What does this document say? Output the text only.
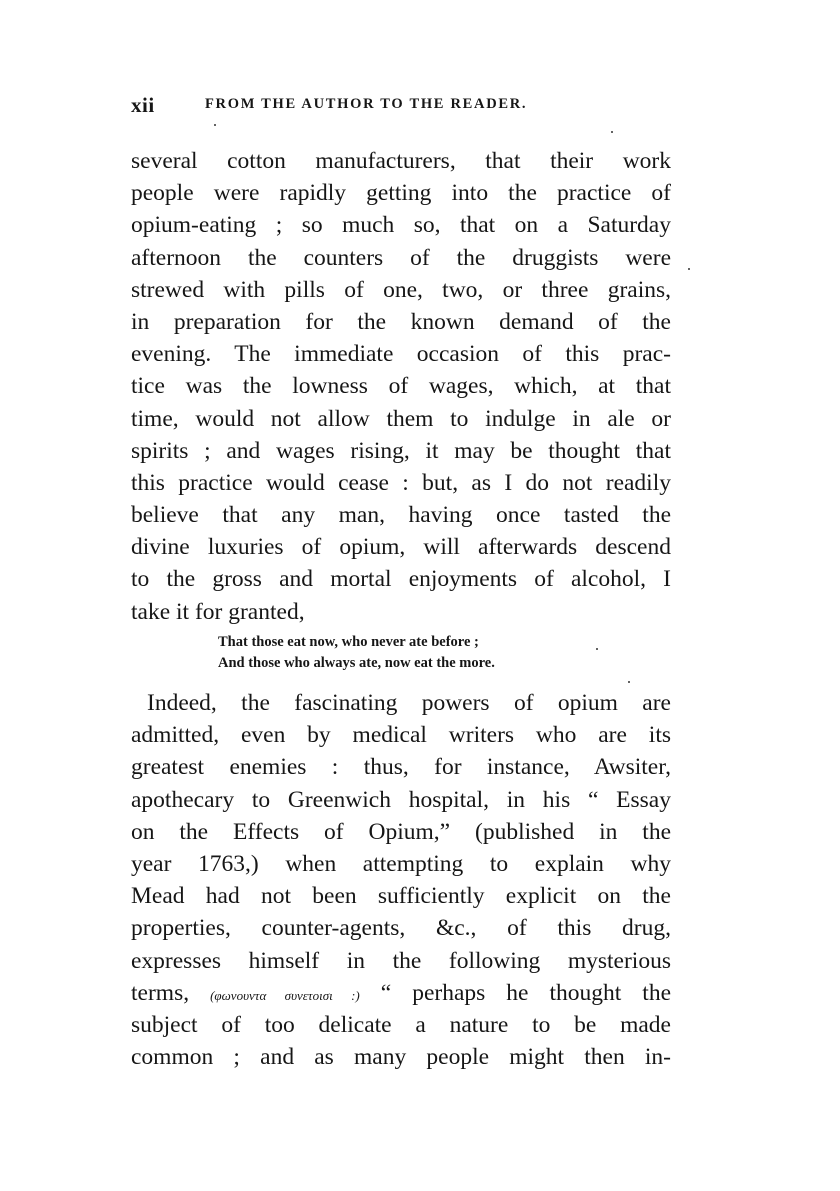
xii	FROM THE AUTHOR TO THE READER.
several cotton manufacturers, that their work
people were rapidly getting into the practice of
opium-eating ; so much so, that on a Saturday
afternoon the counters of the druggists were
strewed with pills of one, two, or three grains,
in preparation for the known demand of the
evening. The immediate occasion of this prac-
tice was the lowness of wages, which, at that
time, would not allow them to indulge in ale or
spirits ; and wages rising, it may be thought that
this practice would cease : but, as I do not readily
believe that any man, having once tasted the
divine luxuries of opium, will afterwards descend
to the gross and mortal enjoyments of alcohol, I
take it for granted,
That those eat now, who never ate before ;
And those who always ate, now eat the more.
Indeed, the fascinating powers of opium are
admitted, even by medical writers who are its
greatest enemies : thus, for instance, Awsiter,
apothecary to Greenwich hospital, in his “ Essay
on the Effects of Opium,” (published in the
year 1763,) when attempting to explain why
Mead had not been sufficiently explicit on the
properties, counter-agents, &c., of this drug,
expresses himself in the following mysterious
terms, (φωνουντα συνετοισι :) “ perhaps he thought the
subject of too delicate a nature to be made
common ; and as many people might then in-
